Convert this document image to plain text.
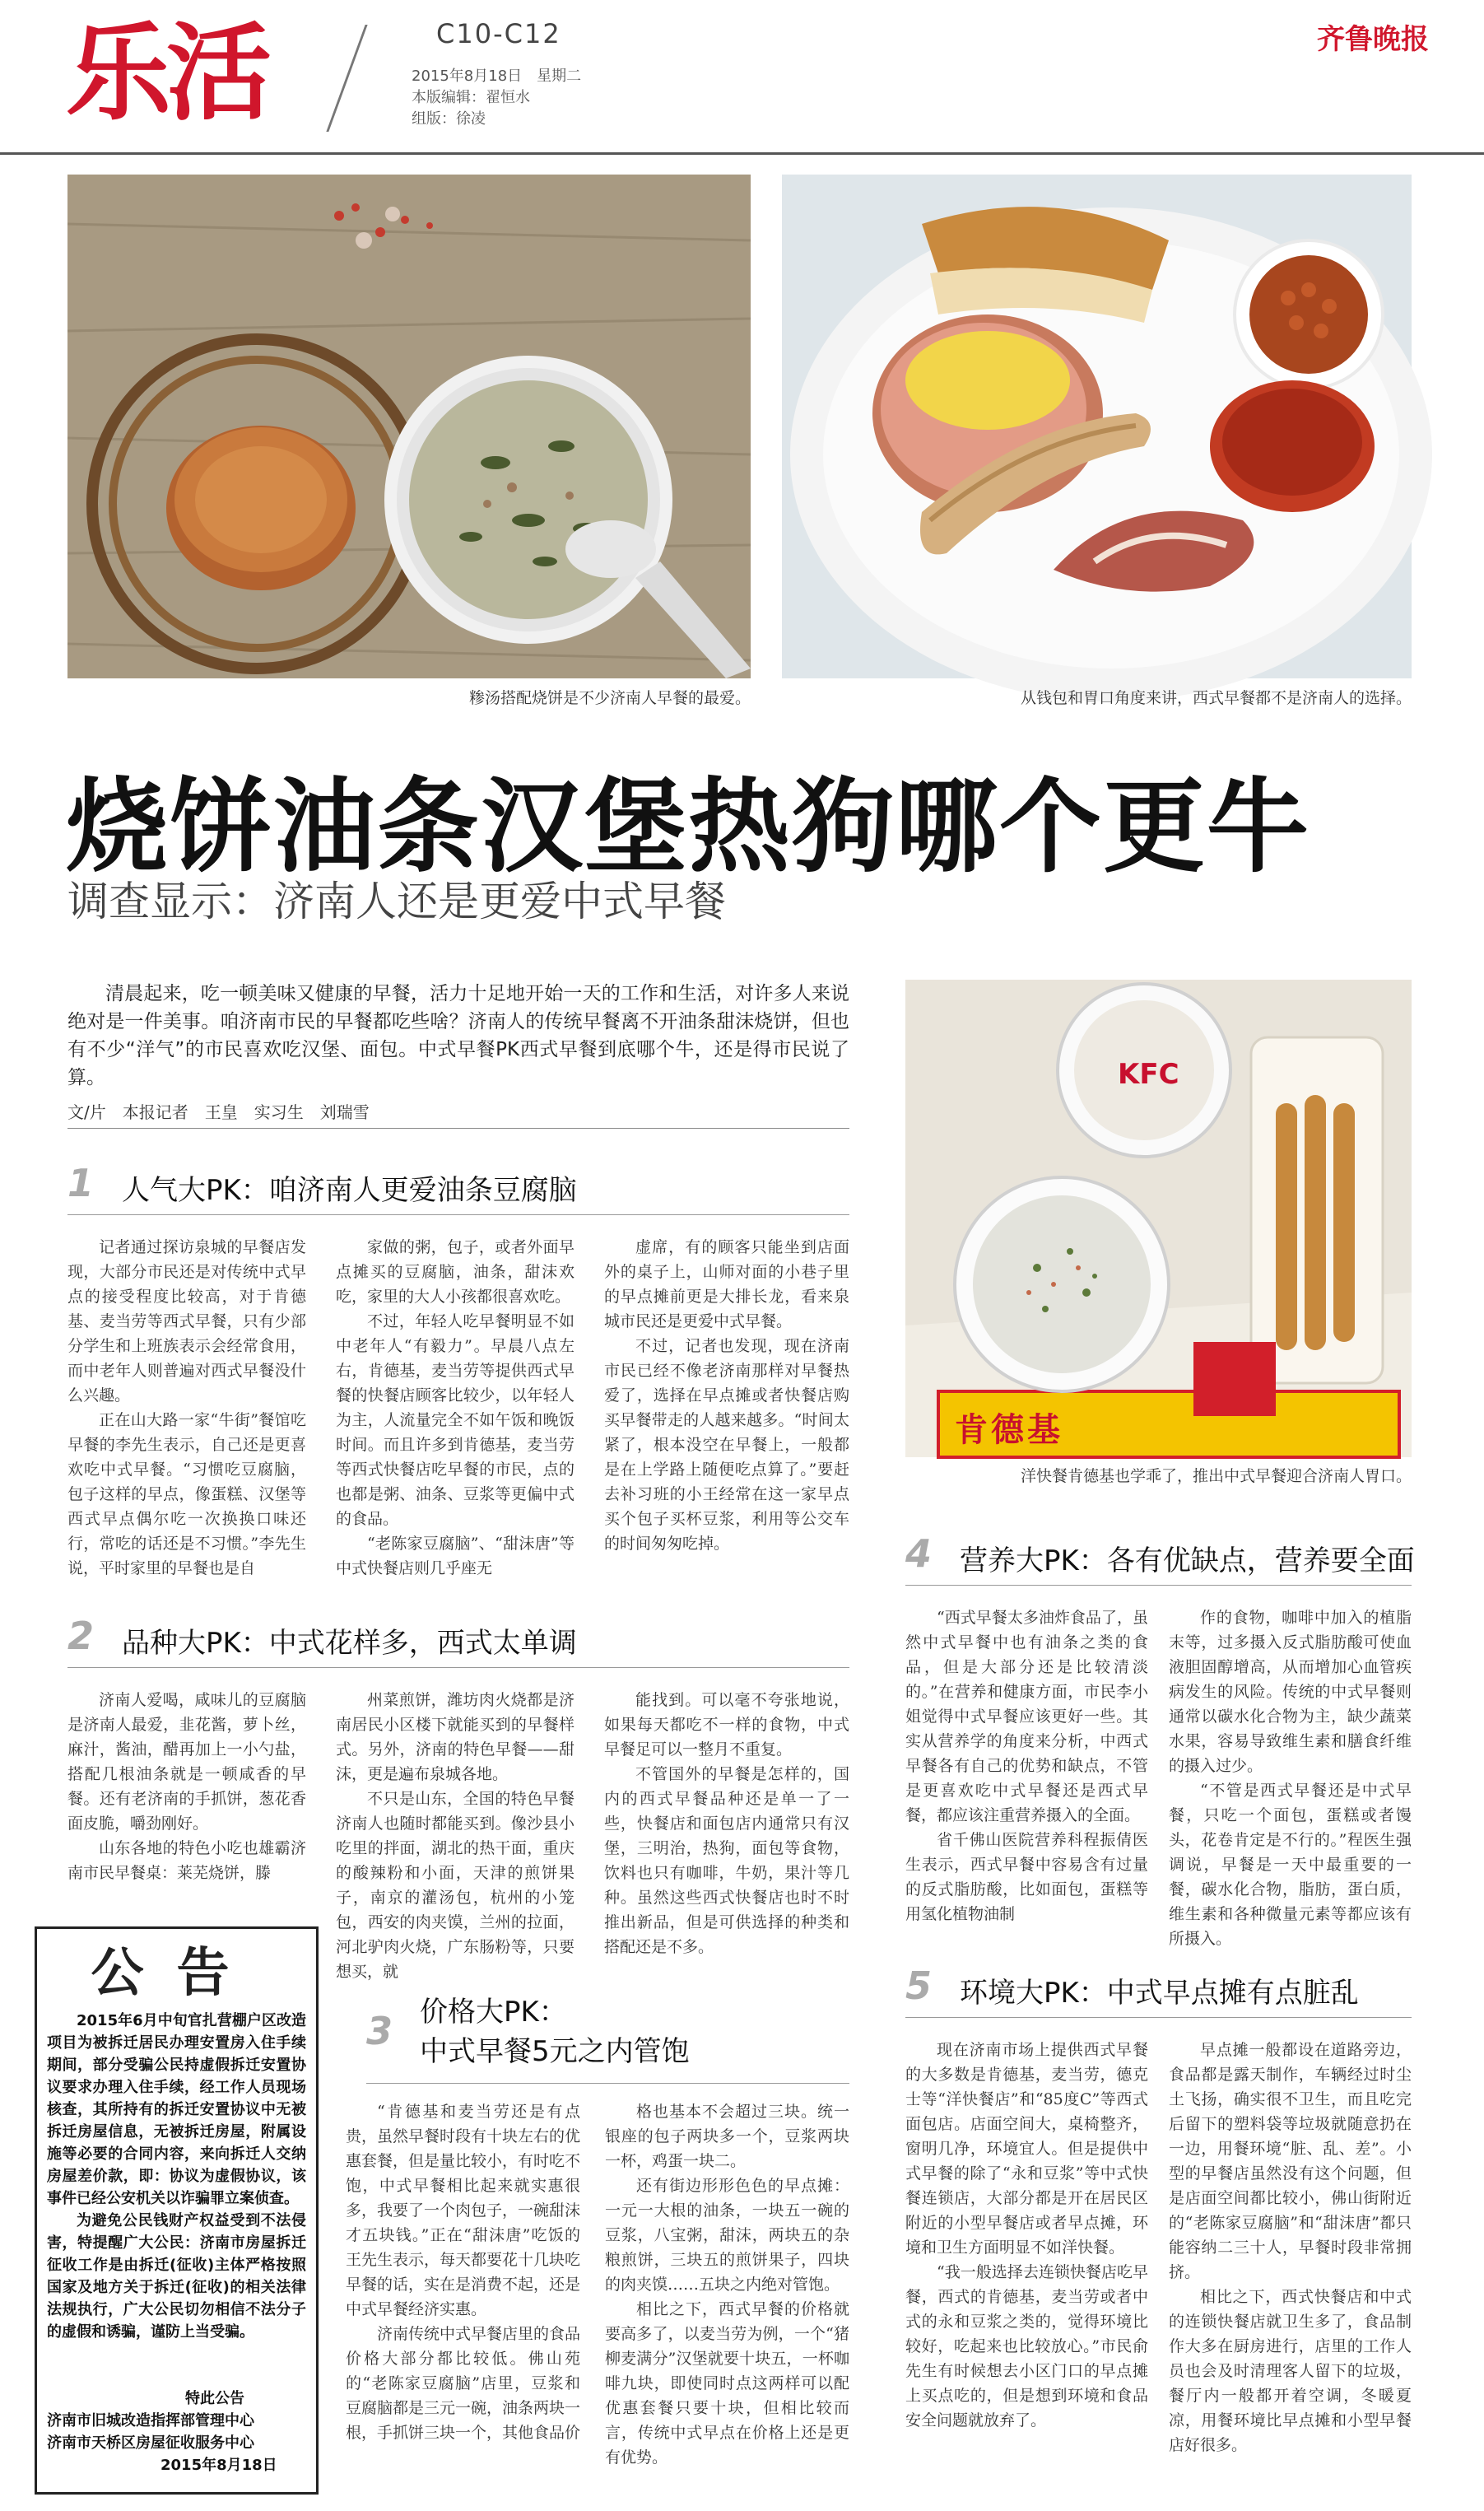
乐活	C10-C12
2015年8月18日　星期二
本版编辑：翟恒水
组版：徐凌
齐鲁晚报
糁汤搭配烧饼是不少济南人早餐的最爱。	从钱包和胃口角度来讲，西式早餐都不是济南人的选择。
烧饼油条汉堡热狗哪个更牛
调查显示：济南人还是更爱中式早餐
清晨起来，吃一顿美味又健康的早餐，活力十足地开始一天的工作和生活，对许多人来说绝对是一件美事。咱济南市民的早餐都吃些啥？济南人的传统早餐离不开油条甜沫烧饼，但也有不少“洋气”的市民喜欢吃汉堡、面包。中式早餐PK西式早餐到底哪个牛，还是得市民说了算。
文/片　本报记者　王皇　实习生　刘瑞雪
KFC
肯德基
洋快餐肯德基也学乖了，推出中式早餐迎合济南人胃口。
1 人气大PK：咱济南人更爱油条豆腐脑
记者通过探访泉城的早餐店发现，大部分市民还是对传统中式早点的接受程度比较高，对于肯德基、麦当劳等西式早餐，只有少部分学生和上班族表示会经常食用，而中老年人则普遍对西式早餐没什么兴趣。
正在山大路一家“牛街”餐馆吃早餐的李先生表示，自己还是更喜欢吃中式早餐。“习惯吃豆腐脑，包子这样的早点，像蛋糕、汉堡等西式早点偶尔吃一次换换口味还行，常吃的话还是不习惯。”李先生说，平时家里的早餐也是自
家做的粥，包子，或者外面早点摊买的豆腐脑，油条，甜沫欢吃，家里的大人小孩都很喜欢吃。
不过，年轻人吃早餐明显不如中老年人“有毅力”。早晨八点左右，肯德基，麦当劳等提供西式早餐的快餐店顾客比较少，以年轻人为主，人流量完全不如午饭和晚饭时间。而且许多到肯德基，麦当劳等西式快餐店吃早餐的市民，点的也都是粥、油条、豆浆等更偏中式的食品。
“老陈家豆腐脑”、“甜沫唐”等中式快餐店则几乎座无
虚席，有的顾客只能坐到店面外的桌子上，山师对面的小巷子里的早点摊前更是大排长龙，看来泉城市民还是更爱中式早餐。
不过，记者也发现，现在济南市民已经不像老济南那样对早餐热爱了，选择在早点摊或者快餐店购买早餐带走的人越来越多。“时间太紧了，根本没空在早餐上，一般都是在上学路上随便吃点算了。”要赶去补习班的小王经常在这一家早点买个包子买杯豆浆，利用等公交车的时间匆匆吃掉。
2 品种大PK：中式花样多，西式太单调
济南人爱喝，咸味儿的豆腐脑是济南人最爱，韭花酱，萝卜丝，麻汁，酱油，醋再加上一小勺盐，搭配几根油条就是一顿咸香的早餐。还有老济南的手抓饼，葱花香面皮脆，嚼劲刚好。
山东各地的特色小吃也雄霸济南市民早餐桌：莱芜烧饼，滕
州菜煎饼，潍坊肉火烧都是济南居民小区楼下就能买到的早餐样式。另外，济南的特色早餐——甜沫，更是遍布泉城各地。
不只是山东，全国的特色早餐济南人也随时都能买到。像沙县小吃里的拌面，湖北的热干面，重庆的酸辣粉和小面，天津的煎饼果子，南京的灌汤包，杭州的小笼包，西安的肉夹馍，兰州的拉面，河北驴肉火烧，广东肠粉等，只要想买，就
能找到。可以毫不夸张地说，如果每天都吃不一样的食物，中式早餐足可以一整月不重复。
不管国外的早餐是怎样的，国内的西式早餐品种还是单一了一些，快餐店和面包店内通常只有汉堡，三明治，热狗，面包等食物，饮料也只有咖啡，牛奶，果汁等几种。虽然这些西式快餐店也时不时推出新品，但是可供选择的种类和搭配还是不多。
3 价格大PK：
中式早餐5元之内管饱
“肯德基和麦当劳还是有点贵，虽然早餐时段有十块左右的优惠套餐，但是量比较小，有时吃不饱，中式早餐相比起来就实惠很多，我要了一个肉包子，一碗甜沫才五块钱。”正在“甜沫唐”吃饭的王先生表示，每天都要花十几块吃早餐的话，实在是消费不起，还是中式早餐经济实惠。
济南传统中式早餐店里的食品价格大部分都比较低。佛山苑的“老陈家豆腐脑”店里，豆浆和豆腐脑都是三元一碗，油条两块一根，手抓饼三块一个，其他食品价
格也基本不会超过三块。统一银座的包子两块多一个，豆浆两块一杯，鸡蛋一块二。
还有街边形形色色的早点摊：一元一大根的油条，一块五一碗的豆浆，八宝粥，甜沫，两块五的杂粮煎饼，三块五的煎饼果子，四块的肉夹馍……五块之内绝对管饱。
相比之下，西式早餐的价格就要高多了，以麦当劳为例，一个“猪柳麦满分”汉堡就要十块五，一杯咖啡九块，即使同时点这两样可以配优惠套餐只要十块，但相比较而言，传统中式早点在价格上还是更有优势。
4 营养大PK：各有优缺点，营养要全面
“西式早餐太多油炸食品了，虽然中式早餐中也有油条之类的食品，但是大部分还是比较清淡的。”在营养和健康方面，市民李小姐觉得中式早餐应该更好一些。其实从营养学的角度来分析，中西式早餐各有自己的优势和缺点，不管是更喜欢吃中式早餐还是西式早餐，都应该注重营养摄入的全面。
省千佛山医院营养科程振倩医生表示，西式早餐中容易含有过量的反式脂肪酸，比如面包，蛋糕等用氢化植物油制
作的食物，咖啡中加入的植脂末等，过多摄入反式脂肪酸可使血液胆固醇增高，从而增加心血管疾病发生的风险。传统的中式早餐则通常以碳水化合物为主，缺少蔬菜水果，容易导致维生素和膳食纤维的摄入过少。
“不管是西式早餐还是中式早餐，只吃一个面包，蛋糕或者馒头，花卷肯定是不行的。”程医生强调说，早餐是一天中最重要的一餐，碳水化合物，脂肪，蛋白质，维生素和各种微量元素等都应该有所摄入。
5 环境大PK：中式早点摊有点脏乱
现在济南市场上提供西式早餐的大多数是肯德基，麦当劳，德克士等“洋快餐店”和“85度C”等西式面包店。店面空间大，桌椅整齐，窗明几净，环境宜人。但是提供中式早餐的除了“永和豆浆”等中式快餐连锁店，大部分都是开在居民区附近的小型早餐店或者早点摊，环境和卫生方面明显不如洋快餐。
“我一般选择去连锁快餐店吃早餐，西式的肯德基，麦当劳或者中式的永和豆浆之类的，觉得环境比较好，吃起来也比较放心。”市民俞先生有时候想去小区门口的早点摊上买点吃的，但是想到环境和食品安全问题就放弃了。
早点摊一般都设在道路旁边，食品都是露天制作，车辆经过时尘土飞扬，确实很不卫生，而且吃完后留下的塑料袋等垃圾就随意扔在一边，用餐环境“脏、乱、差”。小型的早餐店虽然没有这个问题，但是店面空间都比较小，佛山街附近的“老陈家豆腐脑”和“甜沫唐”都只能容纳二三十人，早餐时段非常拥挤。
相比之下，西式快餐店和中式的连锁快餐店就卫生多了，食品制作大多在厨房进行，店里的工作人员也会及时清理客人留下的垃圾，餐厅内一般都开着空调，冬暖夏凉，用餐环境比早点摊和小型早餐店好很多。
公告
2015年6月中旬官扎营棚户区改造项目为被拆迁居民办理安置房入住手续期间，部分受骗公民持虚假拆迁安置协议要求办理入住手续，经工作人员现场核查，其所持有的拆迁安置协议中无被拆迁房屋信息，无被拆迁房屋，附属设施等必要的合同内容，来向拆迁人交纳房屋差价款，即：协议为虚假协议，该事件已经公安机关以诈骗罪立案侦查。
为避免公民钱财产权益受到不法侵害，特提醒广大公民：济南市房屋拆迁征收工作是由拆迁(征收)主体严格按照国家及地方关于拆迁(征收)的相关法律法规执行，广大公民切勿相信不法分子的虚假和诱骗，谨防上当受骗。
特此公告
济南市旧城改造指挥部管理中心
济南市天桥区房屋征收服务中心
2015年8月18日
